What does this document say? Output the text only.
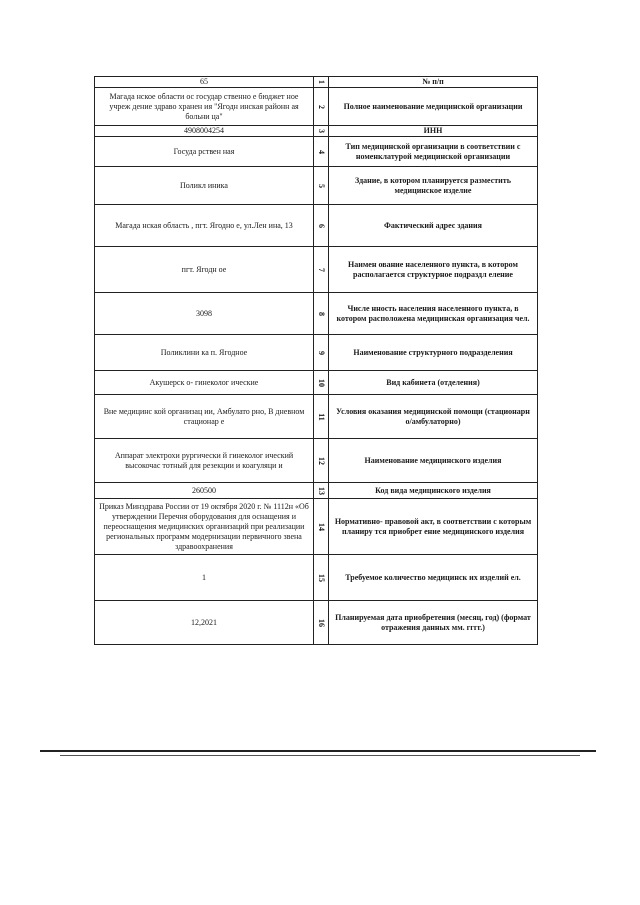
65	1	№ п/п
Магада нское области ос государ ственно е бюджет ное учреж дение здраво хранен ия "Ягодн инская районн ая больни ца"	2	Полное наименование медицинской организации
4908004254	3	ИНН
Госуда рствен ная	4	Тип медицинской организации в соответствии с номенклатурой медицинской организации
Поликл иника	5	Здание, в котором планируется разместить медицинское изделие
Магада нская область , пгт. Ягодно е, ул.Лен ина, 13	6	Фактический адрес здания
пгт. Ягодн ое	7	Наимен ование населенного пункта, в котором располагается структурное подраздл еление
3098	8	Числе нность населения населенного пункта, в котором расположена медицинская организация чел.
Поликлини ка п. Ягодное	9	Наименование структурного подразделения
Акушерск о- гинеколог ические	10	Вид кабинета (отделения)
Вне медицинс кой организац ии, Амбулато рно, В дневном стационар е	11	Условия оказания медицинской помощи (стационарн о/амбулаторно)
Аппарат электрохи рургически й гинеколог ический высокочас тотный для резекции и коагуляци и	12	Наименование медицинского изделия
260500	13	Код вида медицинского изделия
Приказ Минздрава России от 19 октября 2020 г. № 1112н «Об утверждении Перечня оборудования для оснащения и переоснащения медицинских организаций при реализации региональных программ модернизации первичного звена здравоохранения	14	Нормативно- правовой акт, в соответствии с которым планиру тся приобрет ение медицинского изделия
1	15	Требуемое количество медицинск их изделий ел.
12,2021	16	Планируемая дата приобретения (месяц, год) (формат отражения данных мм. гггг.)
